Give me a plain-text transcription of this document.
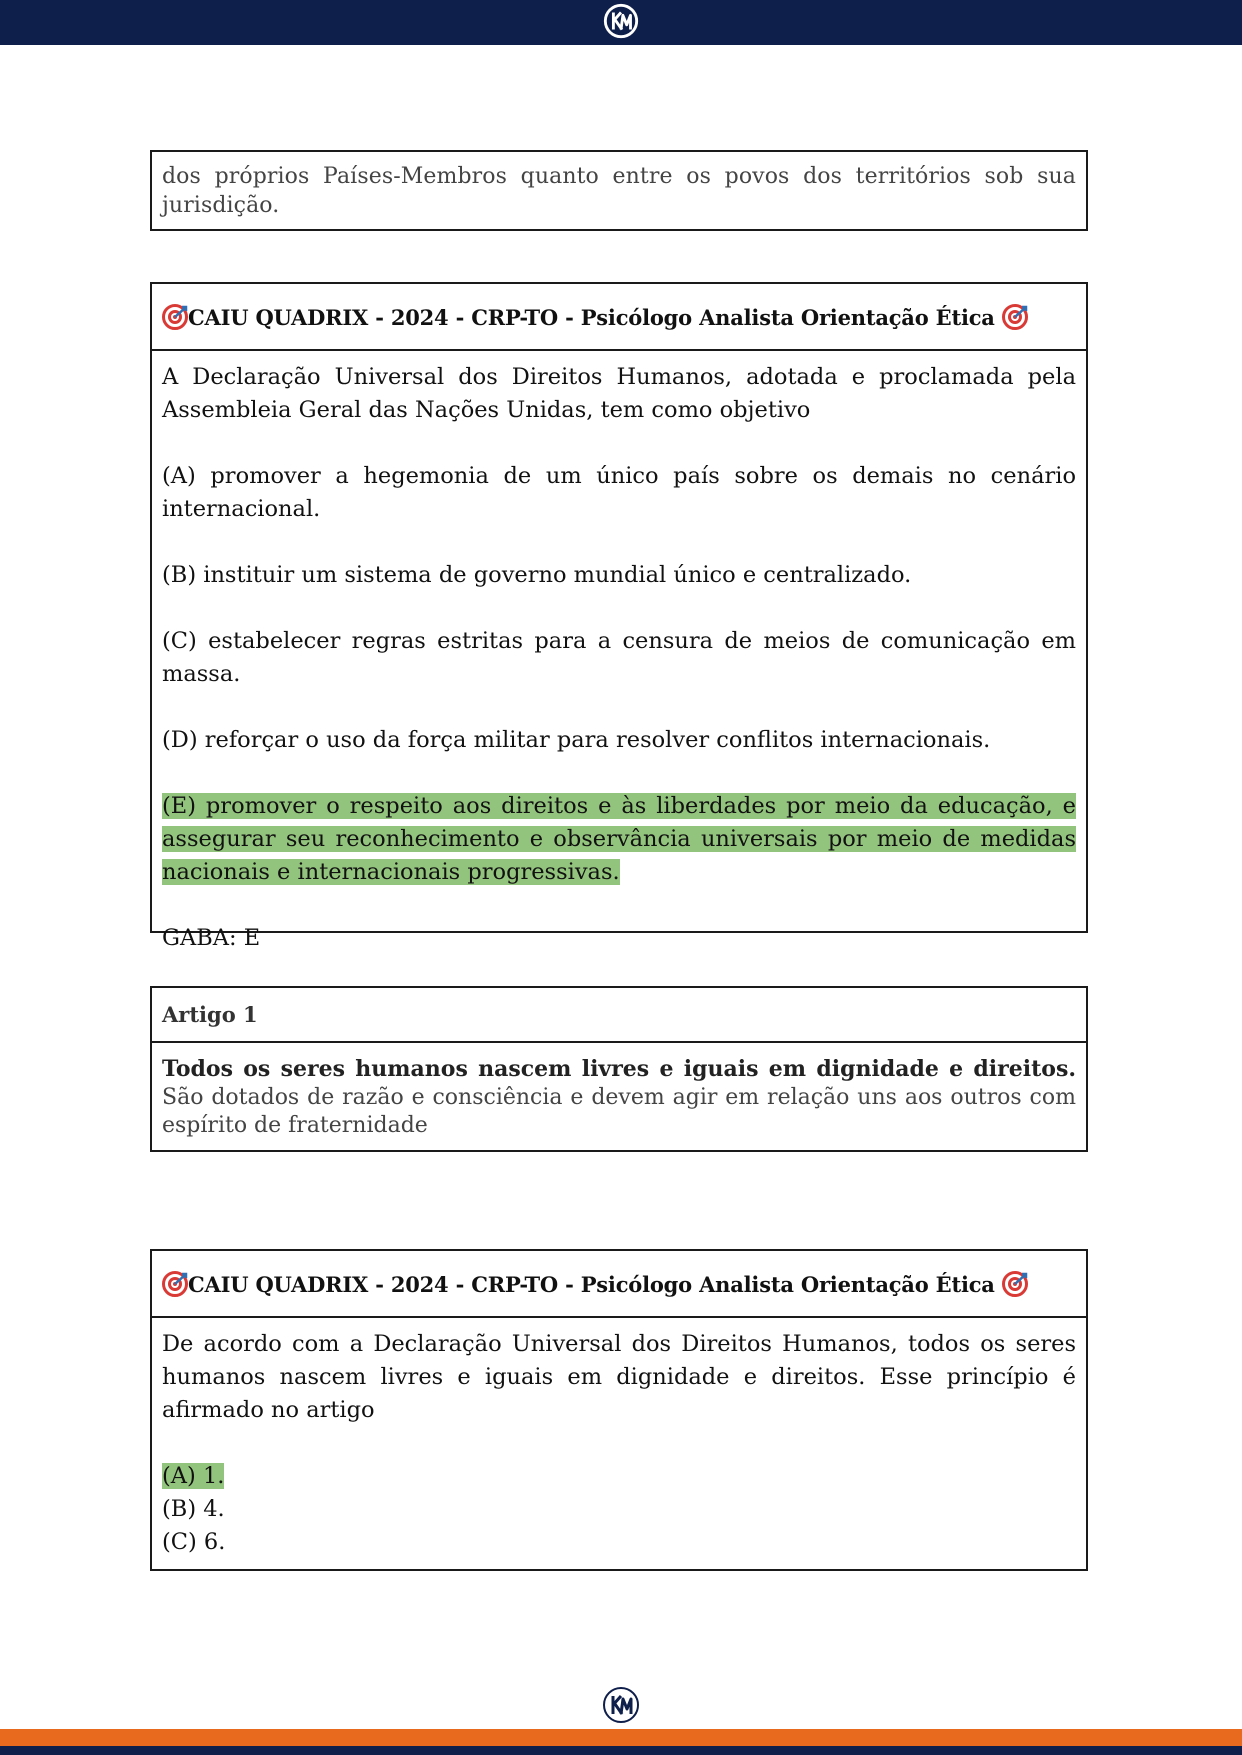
dos próprios Países-Membros quanto entre os povos dos territórios sob sua jurisdição.
CAIU QUADRIX - 2024 - CRP-TO - Psicólogo Analista Orientação Ética

A Declaração Universal dos Direitos Humanos, adotada e proclamada pela Assembleia Geral das Nações Unidas, tem como objetivo

(A) promover a hegemonia de um único país sobre os demais no cenário internacional.

(B) instituir um sistema de governo mundial único e centralizado.

(C) estabelecer regras estritas para a censura de meios de comunicação em massa.

(D) reforçar o uso da força militar para resolver conflitos internacionais.

(E) promover o respeito aos direitos e às liberdades por meio da educação, e assegurar seu reconhecimento e observância universais por meio de medidas nacionais e internacionais progressivas.

GABA: E

Artigo 1
Todos os seres humanos nascem livres e iguais em dignidade e direitos. São dotados de razão e consciência e devem agir em relação uns aos outros com espírito de fraternidade
CAIU QUADRIX - 2024 - CRP-TO - Psicólogo Analista Orientação Ética

De acordo com a Declaração Universal dos Direitos Humanos, todos os seres humanos nascem livres e iguais em dignidade e direitos. Esse princípio é afirmado no artigo

(A) 1.

(B) 4.

(C) 6.
